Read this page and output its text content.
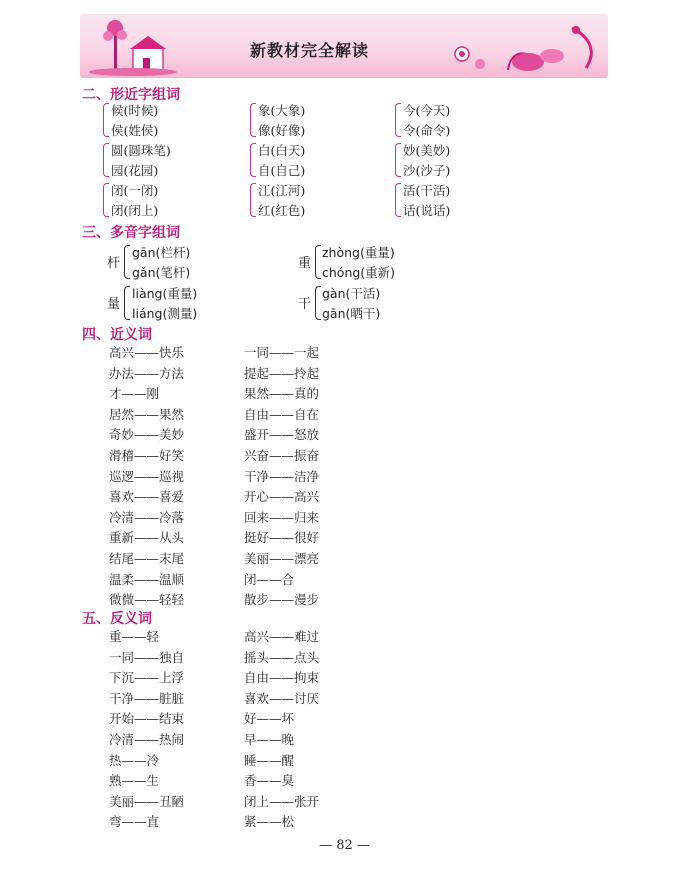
新教材完全解读
二、形近字组词
候(时候)
侯(姓侯)
圆(圆珠笔)
园(花园)
闭(一闭)
闭(闭上)
象(大象)
像(好像)
白(白天)
自(自己)
江(江河)
红(红色)
今(今天)
令(命令)
妙(美妙)
沙(沙子)
活(干活)
话(说话)
三、多音字组词
杆
gān(栏杆)
gǎn(笔杆)
重
zhòng(重量)
chóng(重新)
量
liàng(重量)
liáng(测量)
干
gàn(干活)
gān(晒干)
四、近义词
高兴——快乐
办法——方法
才——刚
居然——果然
奇妙——美妙
滑稽——好笑
巡逻——巡视
喜欢——喜爱
冷清——冷落
重新——从头
结尾——末尾
温柔——温顺
微微——轻轻
一同——一起
提起——拎起
果然——真的
自由——自在
盛开——怒放
兴奋——振奋
干净——洁净
开心——高兴
回来——归来
挺好——很好
美丽——漂亮
闭——合
散步——漫步
五、反义词
重——轻
一同——独自
下沉——上浮
干净——脏脏
开始——结束
冷清——热闹
热——冷
熟——生
美丽——丑陋
弯——直
高兴——难过
摇头——点头
自由——拘束
喜欢——讨厌
好——坏
早——晚
睡——醒
香——臭
闭上——张开
紧——松
— 82 —
